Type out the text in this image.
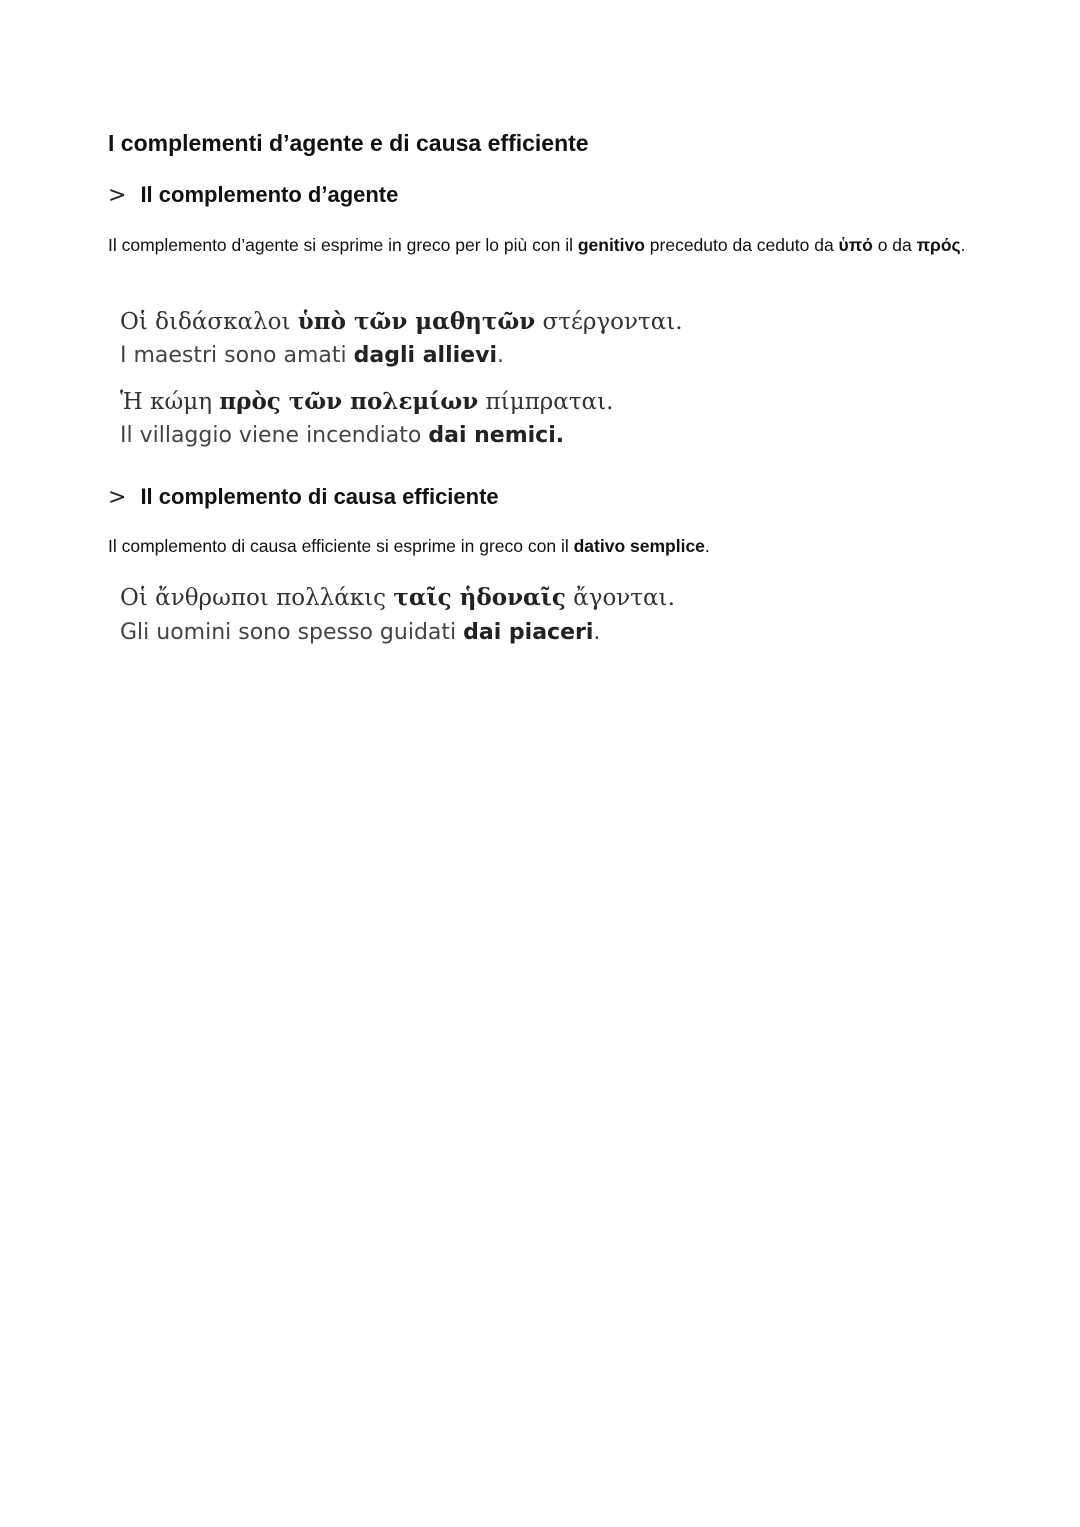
I complementi d’agente e di causa efficiente
> Il complemento d’agente
Il complemento d’agente si esprime in greco per lo più con il genitivo preceduto da ceduto da ὑπό o da πρός.
Οἱ διδάσκαλοι ὑπὸ τῶν μαθητῶν στέργονται.
I maestri sono amati dagli allievi.
Ἡ κώμη πρὸς τῶν πολεμίων πίμπραται.
Il villaggio viene incendiato dai nemici.
> Il complemento di causa efficiente
Il complemento di causa efficiente si esprime in greco con il dativo semplice.
Οἱ ἄνθρωποι πολλάκις ταῖς ἡδοναῖς ἄγονται.
Gli uomini sono spesso guidati dai piaceri.
